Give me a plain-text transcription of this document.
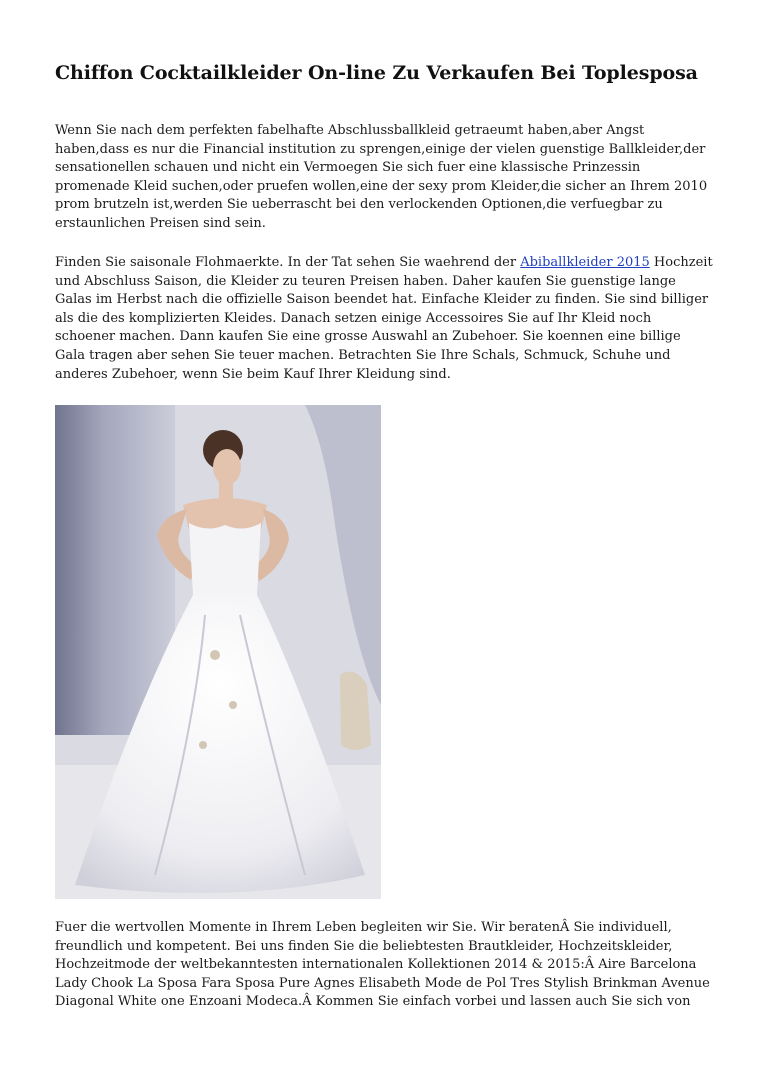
Chiffon Cocktailkleider On-line Zu Verkaufen Bei Toplesposa

Wenn Sie nach dem perfekten fabelhafte Abschlussballkleid getraeumt haben,aber Angst haben,dass es nur die Financial institution zu sprengen,einige der vielen guenstige Ballkleider,der sensationellen schauen und nicht ein Vermoegen Sie sich fuer eine klassische Prinzessin promenade Kleid suchen,oder pruefen wollen,eine der sexy prom Kleider,die sicher an Ihrem 2010 prom brutzeln ist,werden Sie ueberrascht bei den verlockenden Optionen,die verfuegbar zu erstaunlichen Preisen sind sein.

Finden Sie saisonale Flohmaerkte. In der Tat sehen Sie waehrend der Abiballkleider 2015 Hochzeit und Abschluss Saison, die Kleider zu teuren Preisen haben. Daher kaufen Sie guenstige lange Galas im Herbst nach die offizielle Saison beendet hat. Einfache Kleider zu finden. Sie sind billiger als die des komplizierten Kleides. Danach setzen einige Accessoires Sie auf Ihr Kleid noch schoener machen. Dann kaufen Sie eine grosse Auswahl an Zubehoer. Sie koennen eine billige Gala tragen aber sehen Sie teuer machen. Betrachten Sie Ihre Schals, Schmuck, Schuhe und anderes Zubehoer, wenn Sie beim Kauf Ihrer Kleidung sind.

Fuer die wertvollen Momente in Ihrem Leben begleiten wir Sie. Wir beratenÂ Sie individuell, freundlich und kompetent. Bei uns finden Sie die beliebtesten Brautkleider, Hochzeitskleider, Hochzeitmode der weltbekanntesten internationalen Kollektionen 2014 & 2015:Â Aire Barcelona Lady Chook La Sposa Fara Sposa Pure Agnes Elisabeth Mode de Pol Tres Stylish Brinkman Avenue Diagonal White one Enzoani Modeca.Â Kommen Sie einfach vorbei und lassen auch Sie sich von
